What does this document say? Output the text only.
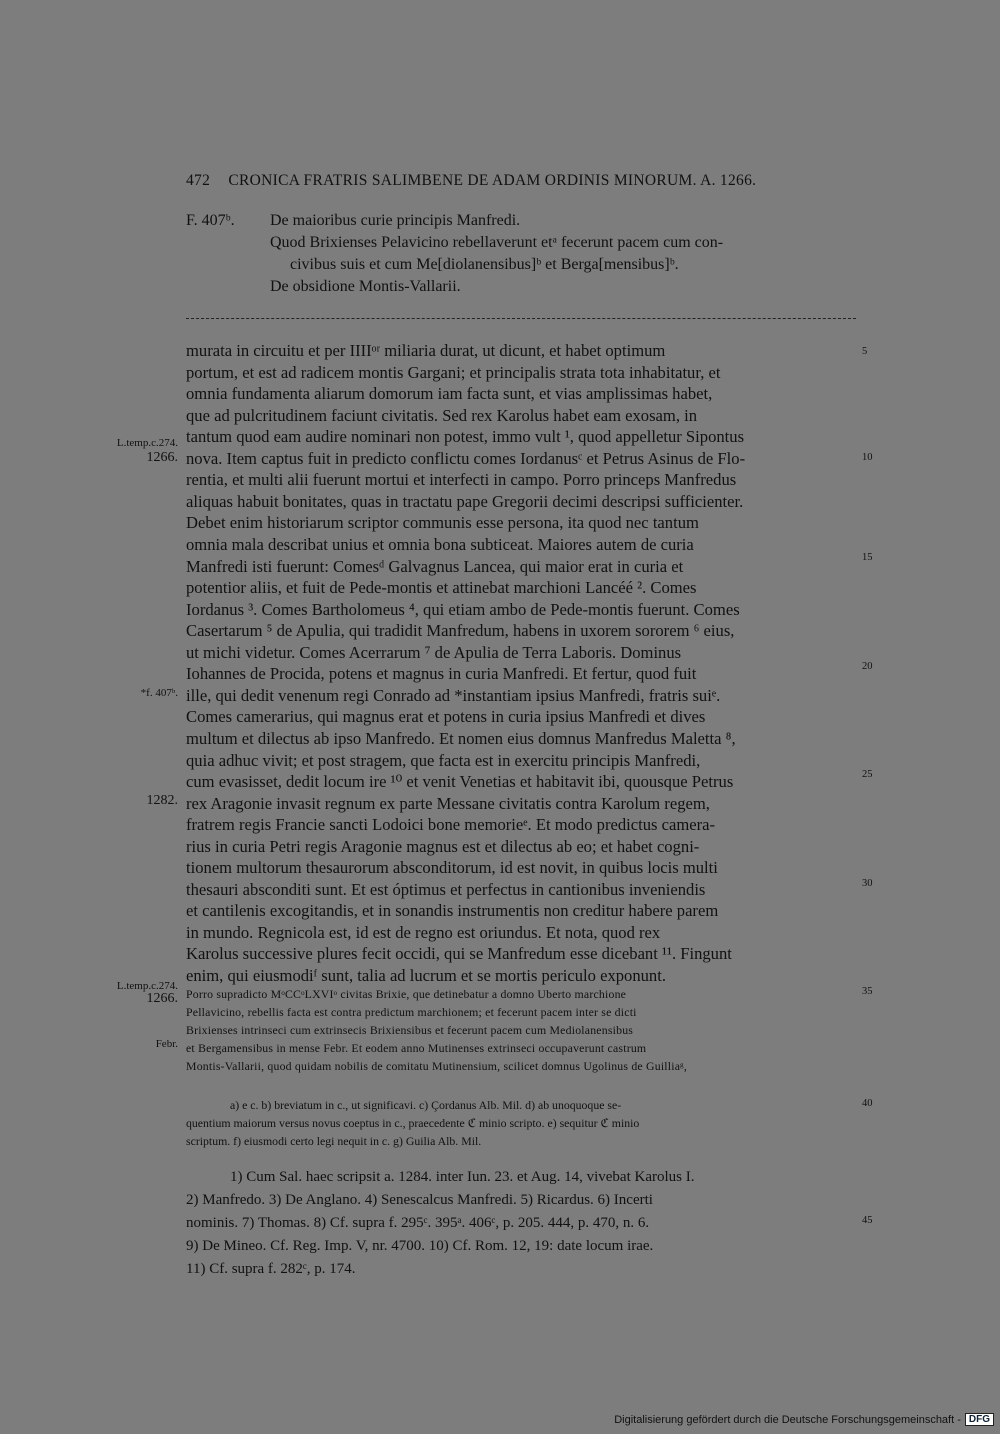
472 CRONICA FRATRIS SALIMBENE DE ADAM ORDINIS MINORUM. A. 1266.
F. 407ᵇ. De maioribus curie principis Manfredi.
Quod Brixienses Pelavicino rebellaverunt etᵃ fecerunt pacem cum con-
civibus suis et cum Me[diolanensibus]ᵇ et Berga[mensibus]ᵇ.
De obsidione Montis-Vallarii.
murata in circuitu et per IIIIᵒʳ miliaria durat, ut dicunt, et habet optimum
portum, et est ad radicem montis Gargani; et principalis strata tota inhabitatur, et
omnia fundamenta aliarum domorum iam facta sunt, et vias amplissimas habet,
que ad pulcritudinem faciunt civitatis. Sed rex Karolus habet eam exosam, in
tantum quod eam audire nominari non potest, immo vult ¹, quod appelletur Sipontus
nova. Item captus fuit in predicto conflictu comes Iordanusᶜ et Petrus Asinus de Flo-
rentia, et multi alii fuerunt mortui et interfecti in campo. Porro princeps Manfredus
aliquas habuit bonitates, quas in tractatu pape Gregorii decimi descripsi sufficienter.
Debet enim historiarum scriptor communis esse persona, ita quod nec tantum
omnia mala describat unius et omnia bona subticeat. Maiores autem de curia
Manfredi isti fuerunt: Comesᵈ Galvagnus Lancea, qui maior erat in curia et
potentior aliis, et fuit de Pede-montis et attinebat marchioni Lancéé ². Comes
Iordanus ³. Comes Bartholomeus ⁴, qui etiam ambo de Pede-montis fuerunt. Comes
Casertarum ⁵ de Apulia, qui tradidit Manfredum, habens in uxorem sororem ⁶ eius,
ut michi videtur. Comes Acerrarum ⁷ de Apulia de Terra Laboris. Dominus
Iohannes de Procida, potens et magnus in curia Manfredi. Et fertur, quod fuit
ille, qui dedit venenum regi Conrado ad *instantiam ipsius Manfredi, fratris suiᵉ.
Comes camerarius, qui magnus erat et potens in curia ipsius Manfredi et dives
multum et dilectus ab ipso Manfredo. Et nomen eius domnus Manfredus Maletta ⁸,
quia adhuc vivit; et post stragem, que facta est in exercitu principis Manfredi,
cum evasisset, dedit locum ire ¹⁰ et venit Venetias et habitavit ibi, quousque Petrus
rex Aragonie invasit regnum ex parte Messane civitatis contra Karolum regem,
fratrem regis Francie sancti Lodoici bone memorieᵉ. Et modo predictus camera-
rius in curia Petri regis Aragonie magnus est et dilectus ab eo; et habet cogni-
tionem multorum thesaurorum absconditorum, id est novit, in quibus locis multi
thesauri absconditi sunt. Et est óptimus et perfectus in cantionibus inveniendis
et cantilenis excogitandis, et in sonandis instrumentis non creditur habere parem
in mundo. Regnicola est, id est de regno est oriundus. Et nota, quod rex
Karolus successive plures fecit occidi, qui se Manfredum esse dicebant ¹¹. Fingunt
enim, qui eiusmodiᶠ sunt, talia ad lucrum et se mortis periculo exponunt.
Porro supradicto MᵒCCᵒLXVIᵒ civitas Brixie, que detinebatur a domno Uberto marchione
Pellavicino, rebellis facta est contra predictum marchionem; et fecerunt pacem inter se dicti
Brixienses intrinseci cum extrinsecis Brixiensibus et fecerunt pacem cum Mediolanensibus
et Bergamensibus in mense Febr. Et eodem anno Mutinenses extrinseci occupaverunt castrum
Montis-Vallarii, quod quidam nobilis de comitatu Mutinensium, scilicet domnus Ugolinus de Guilliaᵍ,
5
10
15
20
25
30
35
40
45
L.temp.c.274.
1266.
*f. 407ᵇ.
1282.
L.temp.c.274.
1266.
Febr.
a) e c. b) breviatum in c., ut significavi. c) Çordanus Alb. Mil. d) ab unoquoque se-
quentium maiorum versus novus coeptus in c., praecedente ℭ minio scripto. e) sequitur ℭ minio
scriptum. f) eiusmodi certo legi nequit in c. g) Guilia Alb. Mil.
1) Cum Sal. haec scripsit a. 1284. inter Iun. 23. et Aug. 14, vivebat Karolus I.
2) Manfredo. 3) De Anglano. 4) Senescalcus Manfredi. 5) Ricardus. 6) Incerti
nominis. 7) Thomas. 8) Cf. supra f. 295ᶜ. 395ᵃ. 406ᶜ, p. 205. 444, p. 470, n. 6.
9) De Mineo. Cf. Reg. Imp. V, nr. 4700. 10) Cf. Rom. 12, 19: date locum irae.
11) Cf. supra f. 282ᶜ, p. 174.
Digitalisierung gefördert durch die Deutsche Forschungsgemeinschaft - DFG
